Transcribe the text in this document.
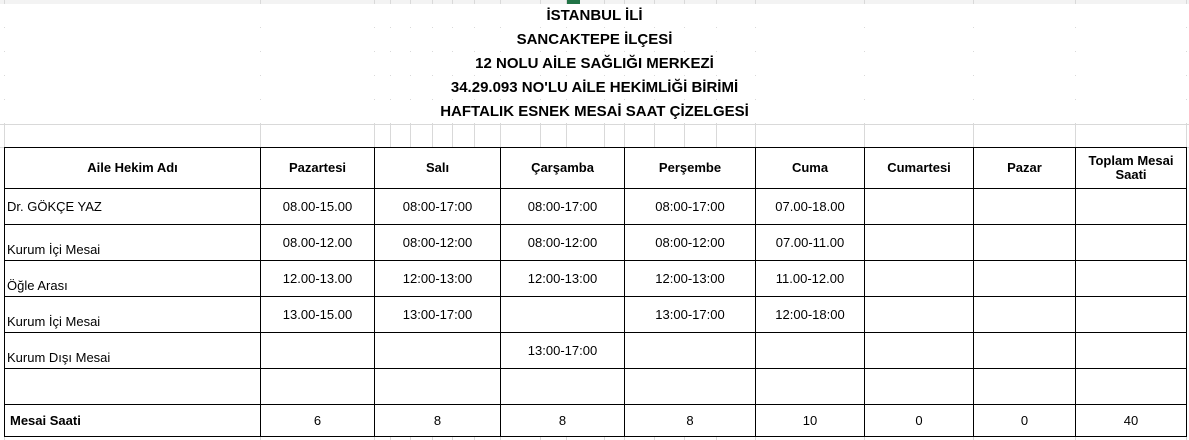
İSTANBUL İLİ
SANCAKTEPE İLÇESİ
12 NOLU AİLE SAĞLIĞI MERKEZİ
34.29.093 NO'LU AİLE HEKİMLİĞİ BİRİMİ
HAFTALIK ESNEK MESAİ SAAT ÇİZELGESİ
Aile Hekim Adı	Pazartesi	Salı	Çarşamba	Perşembe	Cuma	Cumartesi	Pazar	Toplam Mesai Saati

Dr. GÖKÇE YAZ	08.00-15.00	08:00-17:00	08:00-17:00	08:00-17:00	07.00-18.00			

Kurum İçi Mesai	08.00-12.00	08:00-12:00	08:00-12:00	08:00-12:00	07.00-11.00			

Öğle Arası	12.00-13.00	12:00-13:00	12:00-13:00	12:00-13:00	11.00-12.00			

Kurum İçi Mesai	13.00-15.00	13:00-17:00		13:00-17:00	12:00-18:00			

Kurum Dışı Mesai			13:00-17:00					

Mesai Saati	6	8	8	8	10	0	0	40
